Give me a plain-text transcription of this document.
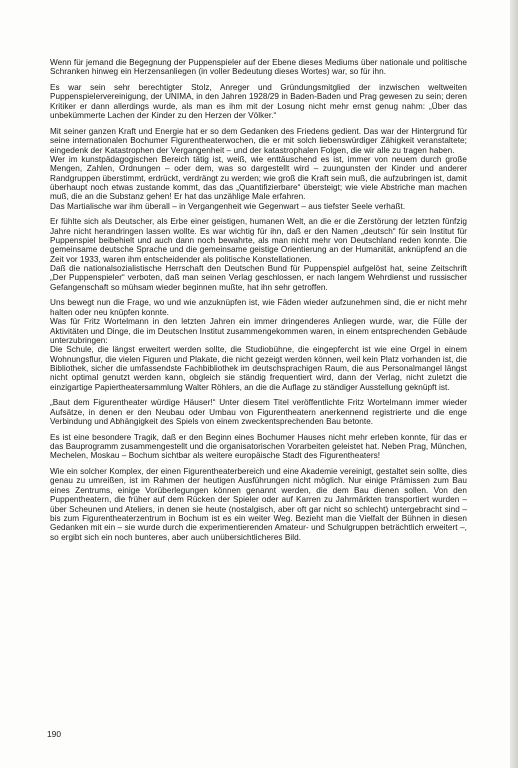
Wenn für jemand die Begegnung der Puppenspieler auf der Ebene dieses Mediums über nationale und politische Schranken hinweg ein Herzensanliegen (in voller Bedeutung dieses Wortes) war, so für ihn.

Es war sein sehr berechtigter Stolz, Anreger und Gründungsmitglied der inzwischen weltweiten Puppenspielervereinigung, der UNIMA, in den Jahren 1928/29 in Baden-Baden und Prag gewesen zu sein; deren Kritiker er dann allerdings wurde, als man es ihm mit der Losung nicht mehr ernst genug nahm: „Über das unbekümmerte Lachen der Kinder zu den Herzen der Völker.“

Mit seiner ganzen Kraft und Energie hat er so dem Gedanken des Friedens gedient. Das war der Hintergrund für seine internationalen Bochumer Figurentheaterwochen, die er mit solch liebenswürdiger Zähigkeit veranstaltete; eingedenk der Katastrophen der Vergangenheit – und der katastrophalen Folgen, die wir alle zu tragen haben.
Wer im kunstpädagogischen Bereich tätig ist, weiß, wie enttäuschend es ist, immer von neuem durch große Mengen, Zahlen, Ordnungen – oder dem, was so dargestellt wird – zuungunsten der Kinder und anderer Randgruppen überstimmt, erdrückt, verdrängt zu werden; wie groß die Kraft sein muß, die aufzubringen ist, damit überhaupt noch etwas zustande kommt, das das „Quantifizierbare“ übersteigt; wie viele Abstriche man machen muß, die an die Substanz gehen! Er hat das unzählige Male erfahren.
Das Martialische war ihm überall – in Vergangenheit wie Gegenwart – aus tiefster Seele verhaßt.

Er fühlte sich als Deutscher, als Erbe einer geistigen, humanen Welt, an die er die Zerstörung der letzten fünfzig Jahre nicht herandringen lassen wollte. Es war wichtig für ihn, daß er den Namen „deutsch“ für sein Institut für Puppenspiel beibehielt und auch dann noch bewahrte, als man nicht mehr von Deutschland reden konnte. Die gemeinsame deutsche Sprache und die gemeinsame geistige Orientierung an der Humanität, anknüpfend an die Zeit vor 1933, waren ihm entscheidender als politische Konstellationen.
Daß die nationalsozialistische Herrschaft den Deutschen Bund für Puppenspiel aufgelöst hat, seine Zeitschrift „Der Puppenspieler“ verboten, daß man seinen Verlag geschlossen, er nach langem Wehrdienst und russischer Gefangenschaft so mühsam wieder beginnen mußte, hat ihn sehr getroffen.

Uns bewegt nun die Frage, wo und wie anzuknüpfen ist, wie Fäden wieder aufzunehmen sind, die er nicht mehr halten oder neu knüpfen konnte.
Was für Fritz Wortelmann in den letzten Jahren ein immer dringenderes Anliegen wurde, war, die Fülle der Aktivitäten und Dinge, die im Deutschen Institut zusammengekommen waren, in einem entsprechenden Gebäude unterzubringen:
Die Schule, die längst erweitert werden sollte, die Studiobühne, die eingepfercht ist wie eine Orgel in einem Wohnungsflur, die vielen Figuren und Plakate, die nicht gezeigt werden können, weil kein Platz vorhanden ist, die Bibliothek, sicher die umfassendste Fachbibliothek im deutschsprachigen Raum, die aus Personalmangel längst nicht optimal genutzt werden kann, obgleich sie ständig frequentiert wird, dann der Verlag, nicht zuletzt die einzigartige Papiertheatersammlung Walter Röhlers, an die die Auflage zu ständiger Ausstellung geknüpft ist.

„Baut dem Figurentheater würdige Häuser!“ Unter diesem Titel veröffentlichte Fritz Wortelmann immer wieder Aufsätze, in denen er den Neubau oder Umbau von Figurentheatern anerkennend registrierte und die enge Verbindung und Abhängigkeit des Spiels von einem zweckentsprechenden Bau betonte.

Es ist eine besondere Tragik, daß er den Beginn eines Bochumer Hauses nicht mehr erleben konnte, für das er das Bauprogramm zusammengestellt und die organisatorischen Vorarbeiten geleistet hat. Neben Prag, München, Mechelen, Moskau – Bochum sichtbar als weitere europäische Stadt des Figurentheaters!

Wie ein solcher Komplex, der einen Figurentheaterbereich und eine Akademie vereinigt, gestaltet sein sollte, dies genau zu umreißen, ist im Rahmen der heutigen Ausführungen nicht möglich. Nur einige Prämissen zum Bau eines Zentrums, einige Vorüberlegungen können genannt werden, die dem Bau dienen sollen. Von den Puppentheatern, die früher auf dem Rücken der Spieler oder auf Karren zu Jahrmärkten transportiert wurden – über Scheunen und Ateliers, in denen sie heute (nostalgisch, aber oft gar nicht so schlecht) untergebracht sind – bis zum Figurentheaterzentrum in Bochum ist es ein weiter Weg. Bezieht man die Vielfalt der Bühnen in diesen Gedanken mit ein – sie wurde durch die experimentierenden Amateur- und Schulgruppen beträchtlich erweitert –, so ergibt sich ein noch bunteres, aber auch unübersichtlicheres Bild.

190
